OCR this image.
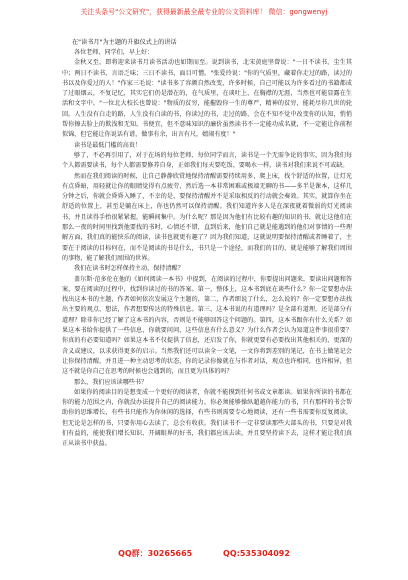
关注头条号"公文研究"，获得最新最全最专业的公文资料库！ 微信：gongwenyj
在"读书月"为主题的升旗仪式上的讲话

各位老师、同学们，早上好：

金秋又至，即将迎来读书月读书活动也如期而至。说到读书，北宋黄庭坚曾说："一日不读书，尘生其中；两日不读书，言语乏味；三日不读书，面目可憎。"张爱玲说："你的气质里，藏着你走过的路，读过的书以及你爱过的人！"作家三毛说："读书多了容颜自然改变，许多时候，自己可能以为许多看过的书籍都成了过眼烟云，不复记忆，其实它们仍是潜在的，在气质里，在谈吐上，在胸襟的无涯，当然也可能显露在生活和文字中。"一位北大校长也曾说："物质的贫穷，能摧毁你一生的尊严，精神的贫穷，能耗尽你几世的轮回。人生没有白走的路，人生没有白读的书，你读过的书，走过的路，会在不知不觉中改变你的认知，悄悄帮你擦去脸上的欺浅和无知。书便宜，但不意味知识的廉价虽然读书不一定能功成名就，不一定能让你前程似锦，但它能让你说话有谱，做事有余，出言有尺，嬉闹有度！"

读书是最低门槛的高贵！

够了，不必再引用了，对于在场的每位老师、每位同学而言，读书是一个无需争论的事实，因为我们每个人都需要读书，每个人都需要修养自身，正如我们每天要吃饭、要喝水一样，读书对我们来说不可或缺。

然而在我们阅读的时候，让自己静静欣赏地保持清醒需要持续用多，爬上床，找个舒适的位置，让灯光有点昏暗，用轻就让你的眼睛觉得有点疲劳，然后选一本非常困难或极端无聊的书——多半是课本，这样几分钟之后，你就会昏昏入睡了，不幸的是，要保持清醒并不是采取相反的行动就会奏效。其实，就算你坐在舒适的位置上，甚至是躺在床上，你也仍然可以保持清醒。我们知道许多人是在深夜就着微弱的灯光阅读书，并且读得手抬很紧紧握，能瞬间集中。为什么呢？那是因为他们有比较有趣的知识的书，就让这他们在那么一夜的时间里找到他要找的书时，心情还不错，直到后来，他们自己就是能遇到的他们对事情的一些理解方面，我们真的能快乐的阅读，读书也就更有趣了？因为我们知道，这就说明要保持清醒或者睡着了，主要在于阅读的目标何在，而不是阅读的书是什么，书只是一个途径，而我们的目的，就是能够了解我们周围的事物，能了解我们周围的世界。

我们在读书时怎样保持主动，保持清醒？

盖尔斯·范多伦在他的《如何阅读一本书》中提到，在阅读的过程中，你要提出问题来，要读出问题和答案，要在阅读的过程中，找到你读过的书的答案。第一，整体上，这本书到底在谈些什么？你一定要想办法找出这本书的主题，作者如何依次发展这个主题的，第二，作者细说了什么，怎么说的？你一定要想办法找出主要的观点、想法，作者想要传达的特殊信息。第三，这本书说的有道理吗？是全部有道理，还是部分有道理？除非你已经了解了这本书的内容，否则是不能够回答这个问题的。第四，这本书跟你有什么关系？如果这本书给你提供了一些信息，你就要问问，这些信息有什么意义？为什么作者会认为知道这件事很重要？你真的有必要知道吗？如果这本书不仅提供了信息，还启发了你，你就更要有必要找出其他相关的、更深的含义或建议，以求获得更多的启示。当然我们还可以读全一文笔，一文你将到差别的笔记，在书上做笔记会让你保持清醒，并且进一种主动思考的状态，你的记录你像就在与作者对话，观点也许相同，也许相异，但这不就是你自己在思考的时候也会遇到的，而且更为具体的吗？

那么，我们应该读哪些书？

如果你的阅读目的是想变成一个更好的阅读者，你就不能摸到任何书或文章都读。如果你所读的书都在你的能力范围之内，你就没办法提升自己的阅读能力，你必须能够操纵超越你能力的书，只有那样的书会帮助你的思维增长，有些书只能作为你休闲的选择，有些书则需要专心地阅读，还有一些书需要你反复阅读，但无论是怎样的书，只要你用心去读了，总会有收获。我们读书不一定非要读那些大部头的书，只要是对我们有益的，能使我们增长知识、开阔眼界的好书，我们都应该去读，并且要坚持读下去，这样才能让我们真正从读书中获益。

QQ群：30265665	QQ:535304092
